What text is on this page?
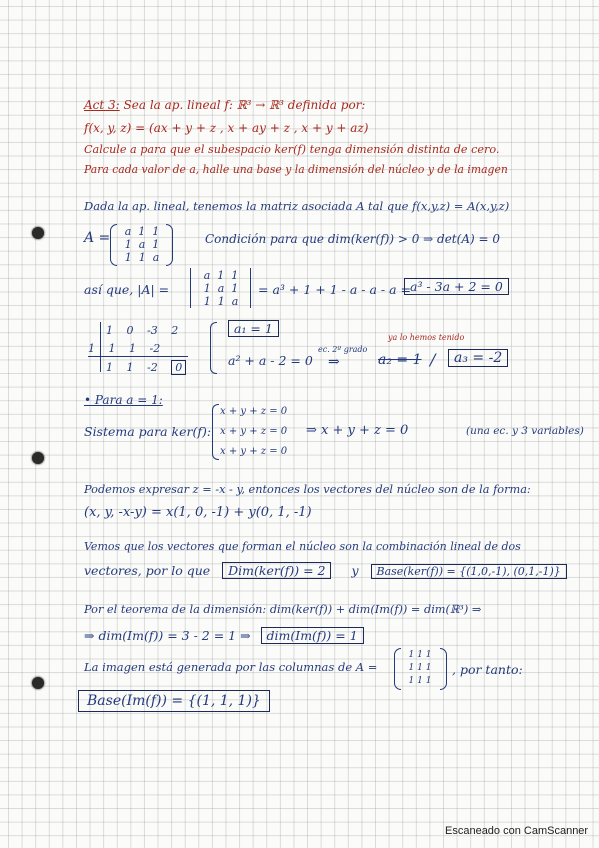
Act 3: Sea la ap. lineal f: ℝ³ → ℝ³ definida por:
f(x, y, z) = (ax + y + z , x + ay + z , x + y + az)
Calcule a para que el subespacio ker(f) tenga dimensión distinta de cero.
Para cada valor de a, halle una base y la dimensión del núcleo y de la imagen
Dada la ap. lineal, tenemos la matriz asociada A tal que f(x,y,z) = A(x,y,z)
A =	a 1 1
1 a 1
1 1 a
Condición para que dim(ker(f)) > 0 ⇒ det(A) = 0
así que, |A| =
a 1 1
1 a 1
1 1 a
= a³ + 1 + 1 - a - a - a = a³ - 3a + 2 = 0
1 0 -3 2
1 1 1 -2
1 1 -2 0
a₁ = 1
a² + a - 2 = 0
ec. 2º grado
⇒
ya lo hemos tenido
a₂ = 1 /	a₃ = -2
• Para a = 1:
Sistema para ker(f):
x + y + z = 0
x + y + z = 0
x + y + z = 0
⇒ x + y + z = 0	(una ec. y 3 variables)
Podemos expresar z = -x - y, entonces los vectores del núcleo son de la forma:
(x, y, -x-y) = x(1, 0, -1) + y(0, 1, -1)
Vemos que los vectores que forman el núcleo son la combinación lineal de dos
vectores, por lo que Dim(ker(f)) = 2 y Base(ker(f)) = {(1,0,-1), (0,1,-1)}
Por el teorema de la dimensión: dim(ker(f)) + dim(Im(f)) = dim(ℝ³) ⇒
⇒ dim(Im(f)) = 3 - 2 = 1 ⇒ dim(Im(f)) = 1
La imagen está generada por las columnas de A =
1 1 1
1 1 1
1 1 1
, por tanto:
Base(Im(f)) = {(1, 1, 1)}
Escaneado con CamScanner
